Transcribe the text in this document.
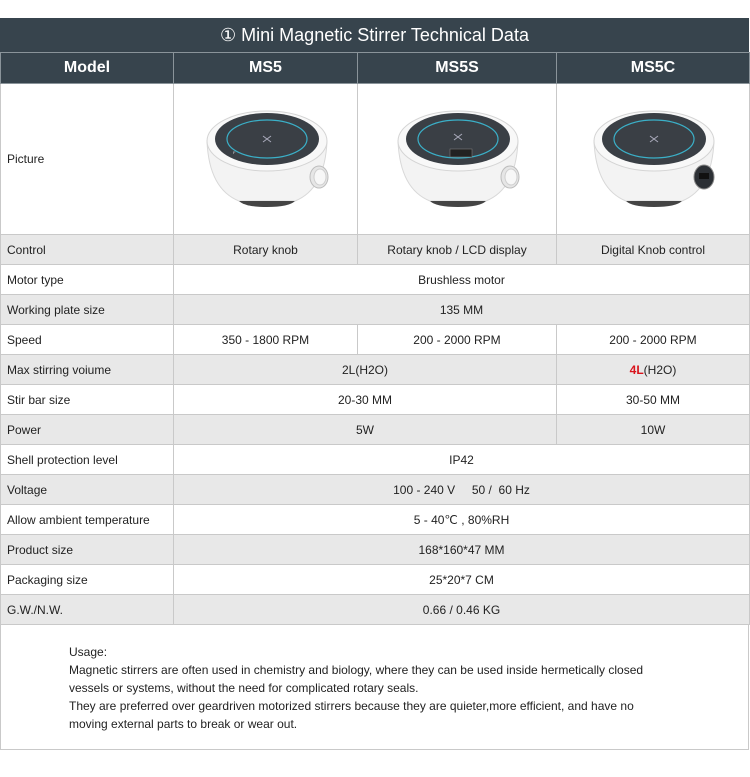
① Mini Magnetic Stirrer Technical Data
Model	MS5	MS5S	MS5C
Picture	F

Control	Rotary knob	Rotary knob / LCD display	Digital Knob control
Motor type	Brushless motor		
Working plate size	135 MM		
Speed	350 - 1800 RPM	200 - 2000 RPM	200 - 2000 RPM
Max stirring voiume	2L(H2O)		4L(H2O)
Stir bar size	20-30 MM		30-50 MM
Power	5W		10W
Shell protection level	IP42		
Voltage	100 - 240 V     50 /  60 Hz		
Allow ambient temperature	5 - 40℃ , 80%RH		
Product size	168*160*47 MM		
Packaging size	25*20*7 CM		
G.W./N.W.	0.66 / 0.46 KG		

Usage:

Magnetic stirrers are often used in chemistry and biology, where they can be used inside hermetically closed

vessels or systems, without the need for complicated rotary seals.

They are preferred over geardriven motorized stirrers because they are quieter,more efficient, and have no

moving external parts to break or wear out.
